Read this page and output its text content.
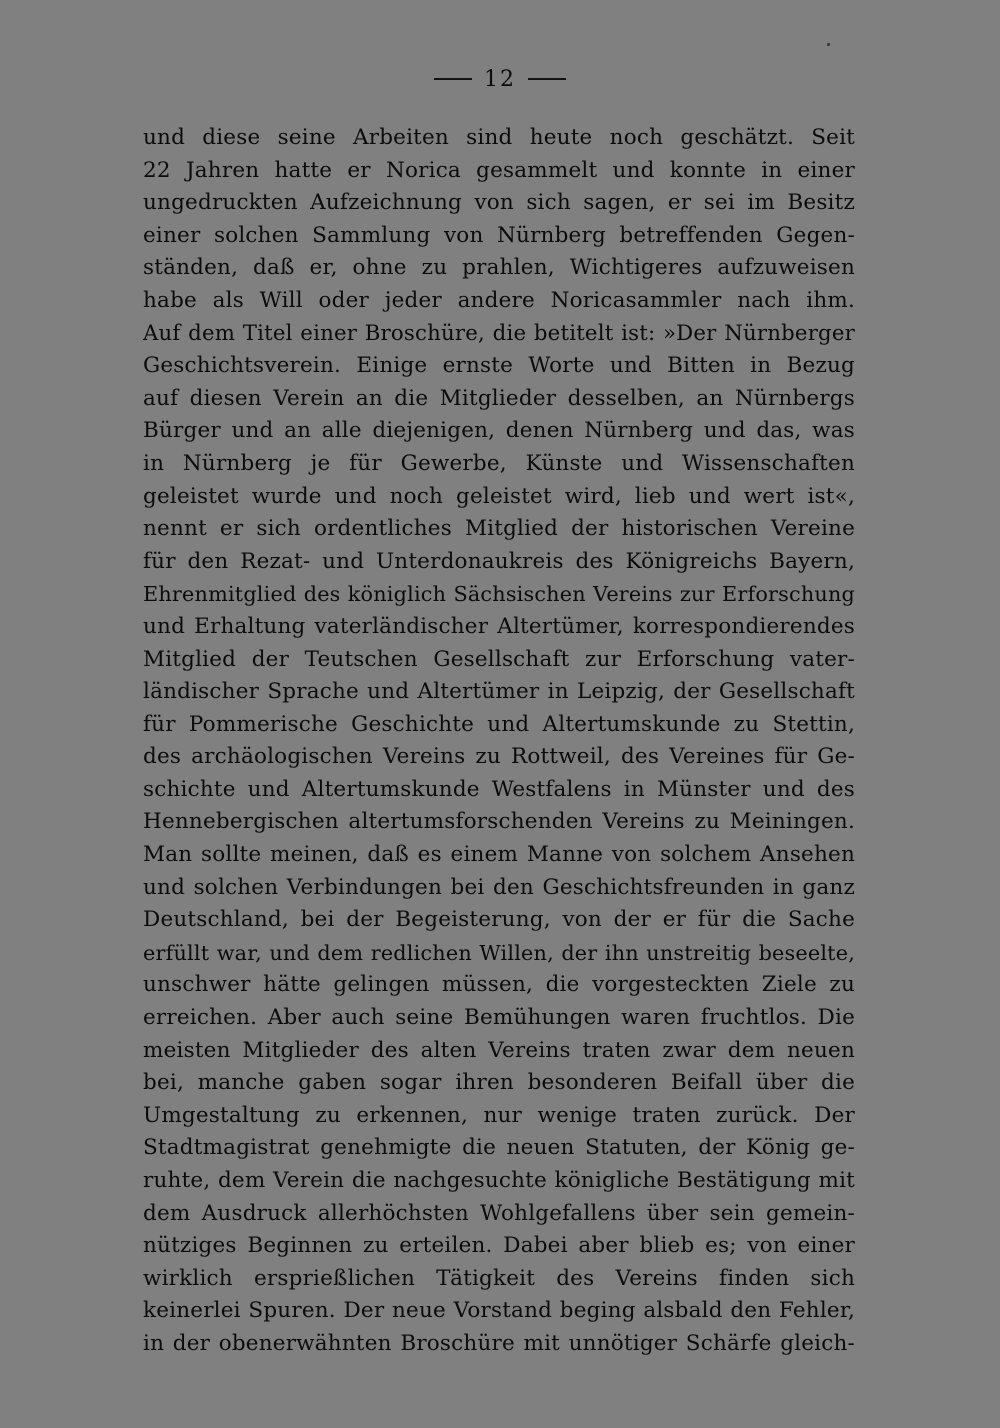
12
und diese seine Arbeiten sind heute noch geschätzt. Seit
22 Jahren hatte er Norica gesammelt und konnte in einer
ungedruckten Aufzeichnung von sich sagen, er sei im Besitz
einer solchen Sammlung von Nürnberg betreffenden Gegen-
ständen, daß er, ohne zu prahlen, Wichtigeres aufzuweisen
habe als Will oder jeder andere Noricasammler nach ihm.
Auf dem Titel einer Broschüre, die betitelt ist: »Der Nürnberger
Geschichtsverein. Einige ernste Worte und Bitten in Bezug
auf diesen Verein an die Mitglieder desselben, an Nürnbergs
Bürger und an alle diejenigen, denen Nürnberg und das, was
in Nürnberg je für Gewerbe, Künste und Wissenschaften
geleistet wurde und noch geleistet wird, lieb und wert ist«,
nennt er sich ordentliches Mitglied der historischen Vereine
für den Rezat- und Unterdonaukreis des Königreichs Bayern,
Ehrenmitglied des königlich Sächsischen Vereins zur Erforschung
und Erhaltung vaterländischer Altertümer, korrespondierendes
Mitglied der Teutschen Gesellschaft zur Erforschung vater-
ländischer Sprache und Altertümer in Leipzig, der Gesellschaft
für Pommerische Geschichte und Altertumskunde zu Stettin,
des archäologischen Vereins zu Rottweil, des Vereines für Ge-
schichte und Altertumskunde Westfalens in Münster und des
Hennebergischen altertumsforschenden Vereins zu Meiningen.
Man sollte meinen, daß es einem Manne von solchem Ansehen
und solchen Verbindungen bei den Geschichtsfreunden in ganz
Deutschland, bei der Begeisterung, von der er für die Sache
erfüllt war, und dem redlichen Willen, der ihn unstreitig beseelte,
unschwer hätte gelingen müssen, die vorgesteckten Ziele zu
erreichen. Aber auch seine Bemühungen waren fruchtlos. Die
meisten Mitglieder des alten Vereins traten zwar dem neuen
bei, manche gaben sogar ihren besonderen Beifall über die
Umgestaltung zu erkennen, nur wenige traten zurück. Der
Stadtmagistrat genehmigte die neuen Statuten, der König ge-
ruhte, dem Verein die nachgesuchte königliche Bestätigung mit
dem Ausdruck allerhöchsten Wohlgefallens über sein gemein-
nütziges Beginnen zu erteilen. Dabei aber blieb es; von einer
wirklich ersprießlichen Tätigkeit des Vereins finden sich
keinerlei Spuren. Der neue Vorstand beging alsbald den Fehler,
in der obenerwähnten Broschüre mit unnötiger Schärfe gleich-
